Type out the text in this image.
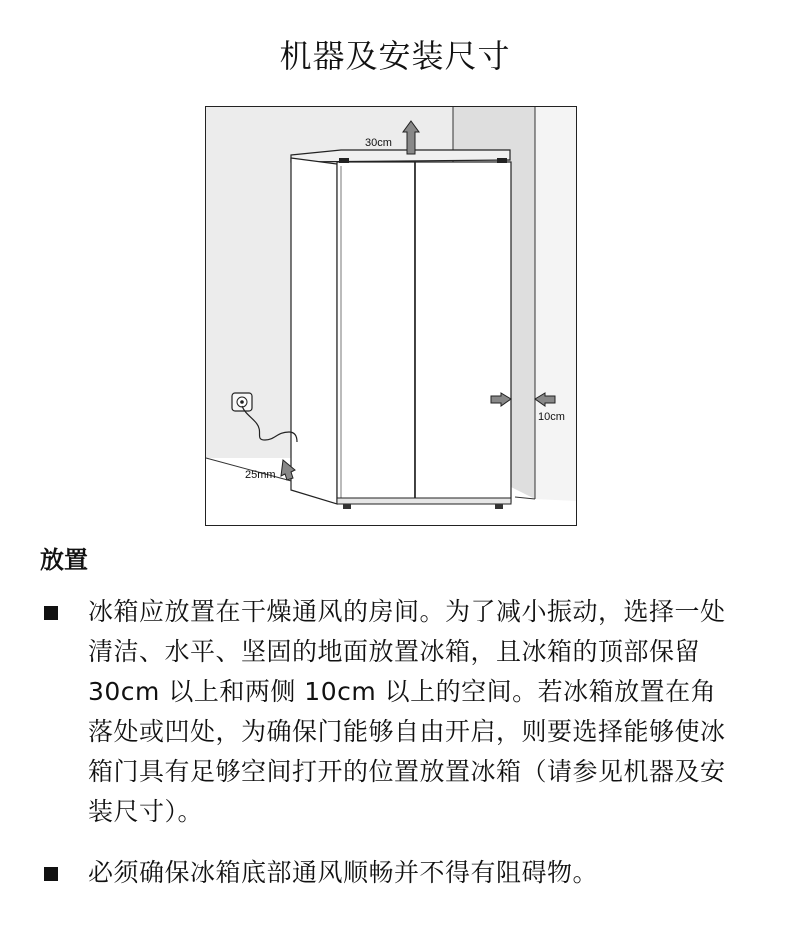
机器及安装尺寸
30cm
10cm
25mm
放置
冰箱应放置在干燥通风的房间。为了减小振动，选择一处清洁、水平、坚固的地面放置冰箱，且冰箱的顶部保留 30cm 以上和两侧 10cm 以上的空间。若冰箱放置在角落处或凹处，为确保门能够自由开启，则要选择能够使冰箱门具有足够空间打开的位置放置冰箱（请参见机器及安装尺寸）。
必须确保冰箱底部通风顺畅并不得有阻碍物。
